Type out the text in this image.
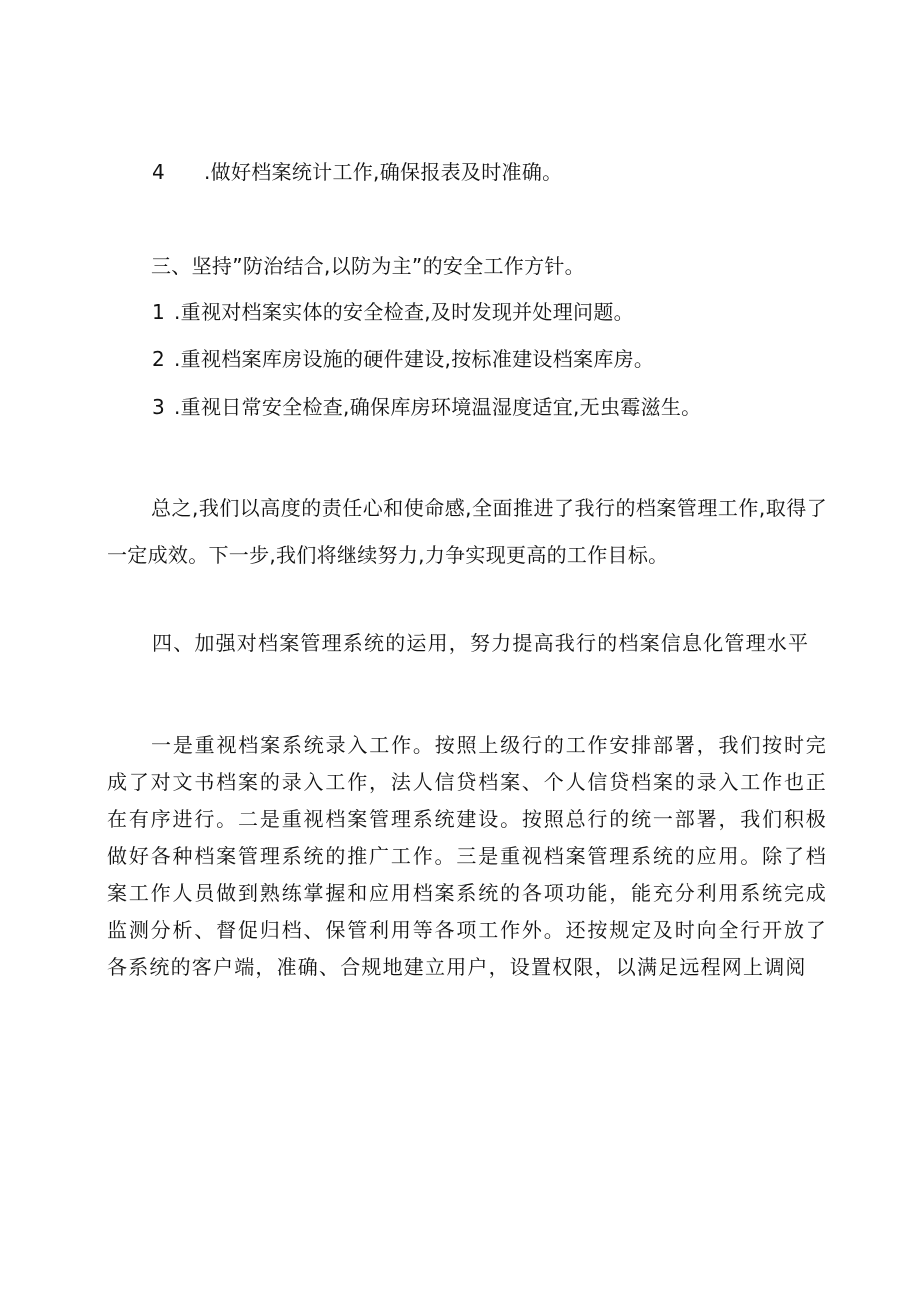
4 .做好档案统计工作,确保报表及时准确。

三、坚持”防治结合,以防为主”的安全工作方针。

1 .重视对档案实体的安全检查,及时发现并处理问题。

2 .重视档案库房设施的硬件建设,按标准建设档案库房。

3 .重视日常安全检查,确保库房环境温湿度适宜,无虫霉滋生。

总之,我们以高度的责任心和使命感,全面推进了我行的档案管理工作,取得了一定成效。下一步,我们将继续努力,力争实现更高的工作目标。

四、加强对档案管理系统的运用，努力提高我行的档案信息化管理水平

一是重视档案系统录入工作。按照上级行的工作安排部署，我们按时完成了对文书档案的录入工作，法人信贷档案、个人信贷档案的录入工作也正在有序进行。二是重视档案管理系统建设。按照总行的统一部署，我们积极做好各种档案管理系统的推广工作。三是重视档案管理系统的应用。除了档案工作人员做到熟练掌握和应用档案系统的各项功能，能充分利用系统完成监测分析、督促归档、保管利用等各项工作外。还按规定及时向全行开放了各系统的客户端，准确、合规地建立用户，设置权限，以满足远程网上调阅
